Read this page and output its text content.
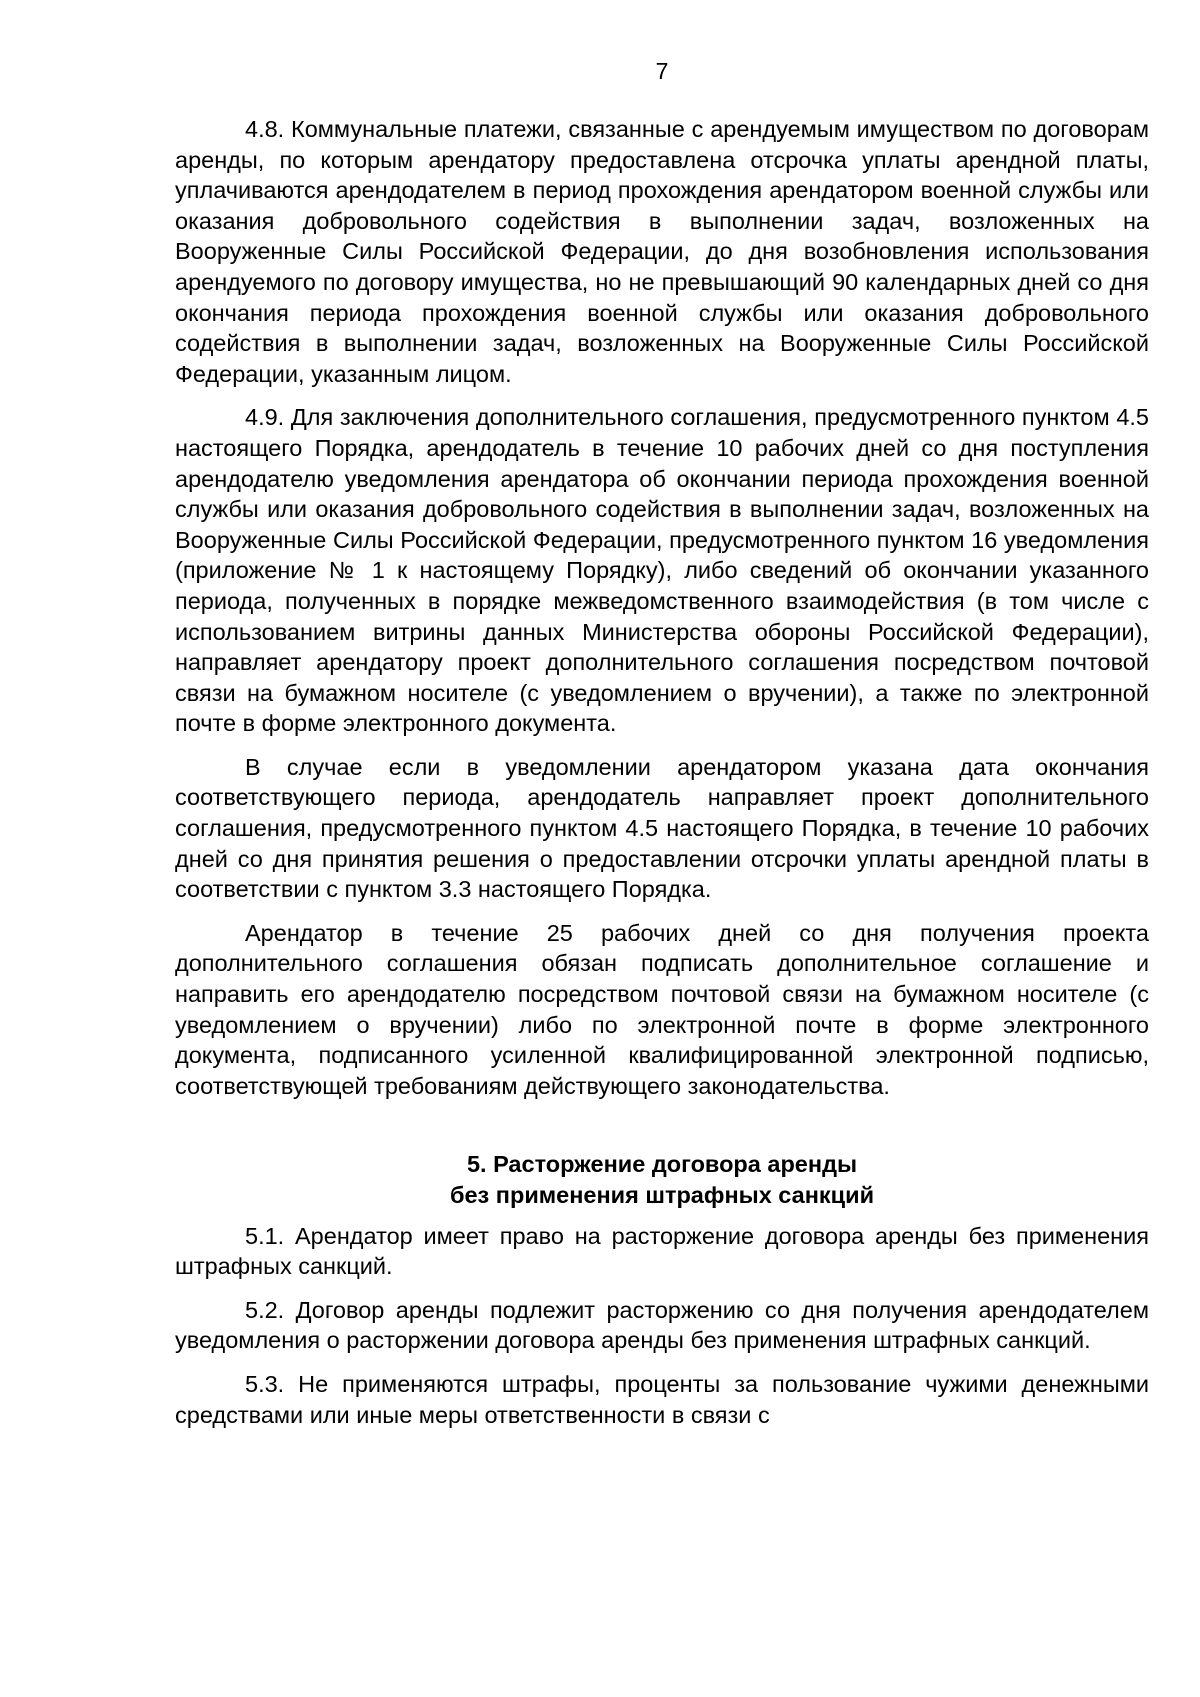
7

4.8. Коммунальные платежи, связанные с арендуемым имуществом по договорам аренды, по которым арендатору предоставлена отсрочка уплаты арендной платы, уплачиваются арендодателем в период прохождения арендатором военной службы или оказания добровольного содействия в выполнении задач, возложенных на Вооруженные Силы Российской Федерации, до дня возобновления использования арендуемого по договору имущества, но не превышающий 90 календарных дней со дня окончания периода прохождения военной службы или оказания добровольного содействия в выполнении задач, возложенных на Вооруженные Силы Российской Федерации, указанным лицом.

4.9. Для заключения дополнительного соглашения, предусмотренного пунктом 4.5 настоящего Порядка, арендодатель в течение 10 рабочих дней со дня поступления арендодателю уведомления арендатора об окончании периода прохождения военной службы или оказания добровольного содействия в выполнении задач, возложенных на Вооруженные Силы Российской Федерации, предусмотренного пунктом 16 уведомления (приложение № 1 к настоящему Порядку), либо сведений об окончании указанного периода, полученных в порядке межведомственного взаимодействия (в том числе с использованием витрины данных Министерства обороны Российской Федерации), направляет арендатору проект дополнительного соглашения посредством почтовой связи на бумажном носителе (с уведомлением о вручении), а также по электронной почте в форме электронного документа.

В случае если в уведомлении арендатором указана дата окончания соответствующего периода, арендодатель направляет проект дополнительного соглашения, предусмотренного пунктом 4.5 настоящего Порядка, в течение 10 рабочих дней со дня принятия решения о предоставлении отсрочки уплаты арендной платы в соответствии с пунктом 3.3 настоящего Порядка.

Арендатор в течение 25 рабочих дней со дня получения проекта дополнительного соглашения обязан подписать дополнительное соглашение и направить его арендодателю посредством почтовой связи на бумажном носителе (с уведомлением о вручении) либо по электронной почте в форме электронного документа, подписанного усиленной квалифицированной электронной подписью, соответствующей требованиям действующего законодательства.

5. Расторжение договора аренды
без применения штрафных санкций

5.1. Арендатор имеет право на расторжение договора аренды без применения штрафных санкций.

5.2. Договор аренды подлежит расторжению со дня получения арендодателем уведомления о расторжении договора аренды без применения штрафных санкций.

5.3. Не применяются штрафы, проценты за пользование чужими денежными средствами или иные меры ответственности в связи с
